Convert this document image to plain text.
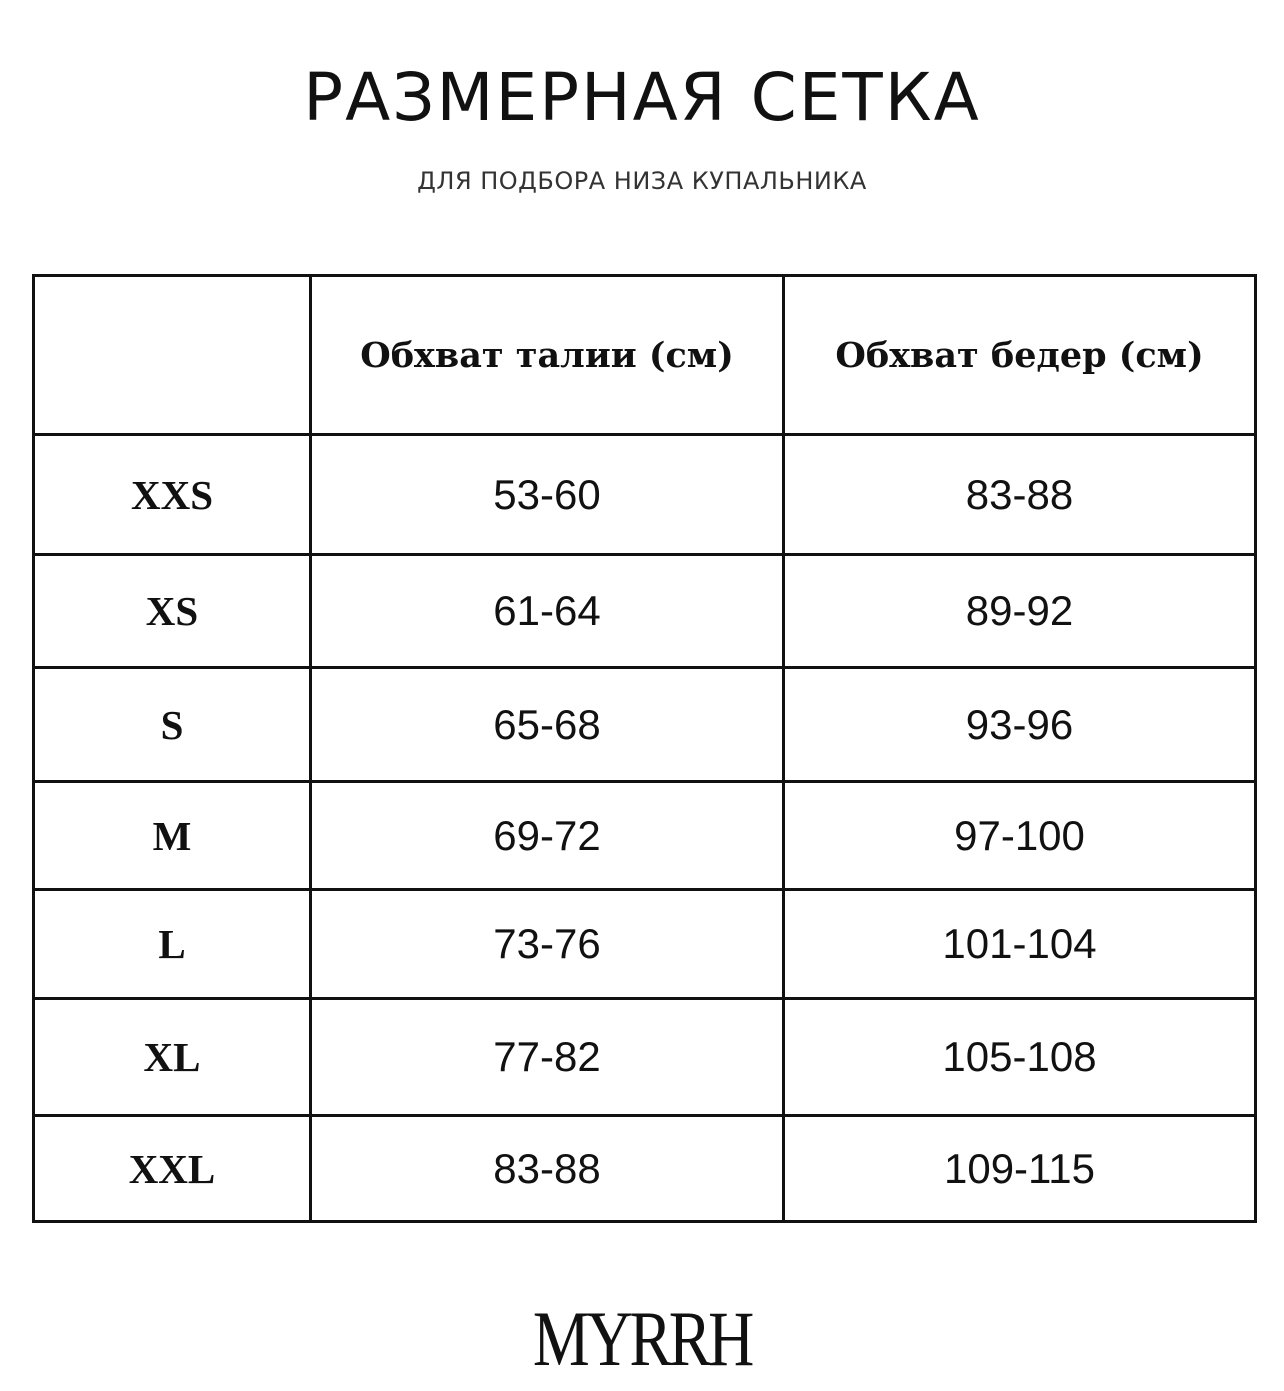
РАЗМЕРНАЯ СЕТКА

ДЛЯ ПОДБОРА НИЗА КУПАЛЬНИКА

	Обхват талии (см)	Обхват бедер (см)
XXS	53-60	83-88
XS	61-64	89-92
S	65-68	93-96
M	69-72	97-100
L	73-76	101-104
XL	77-82	105-108
XXL	83-88	109-115
MYRRH
